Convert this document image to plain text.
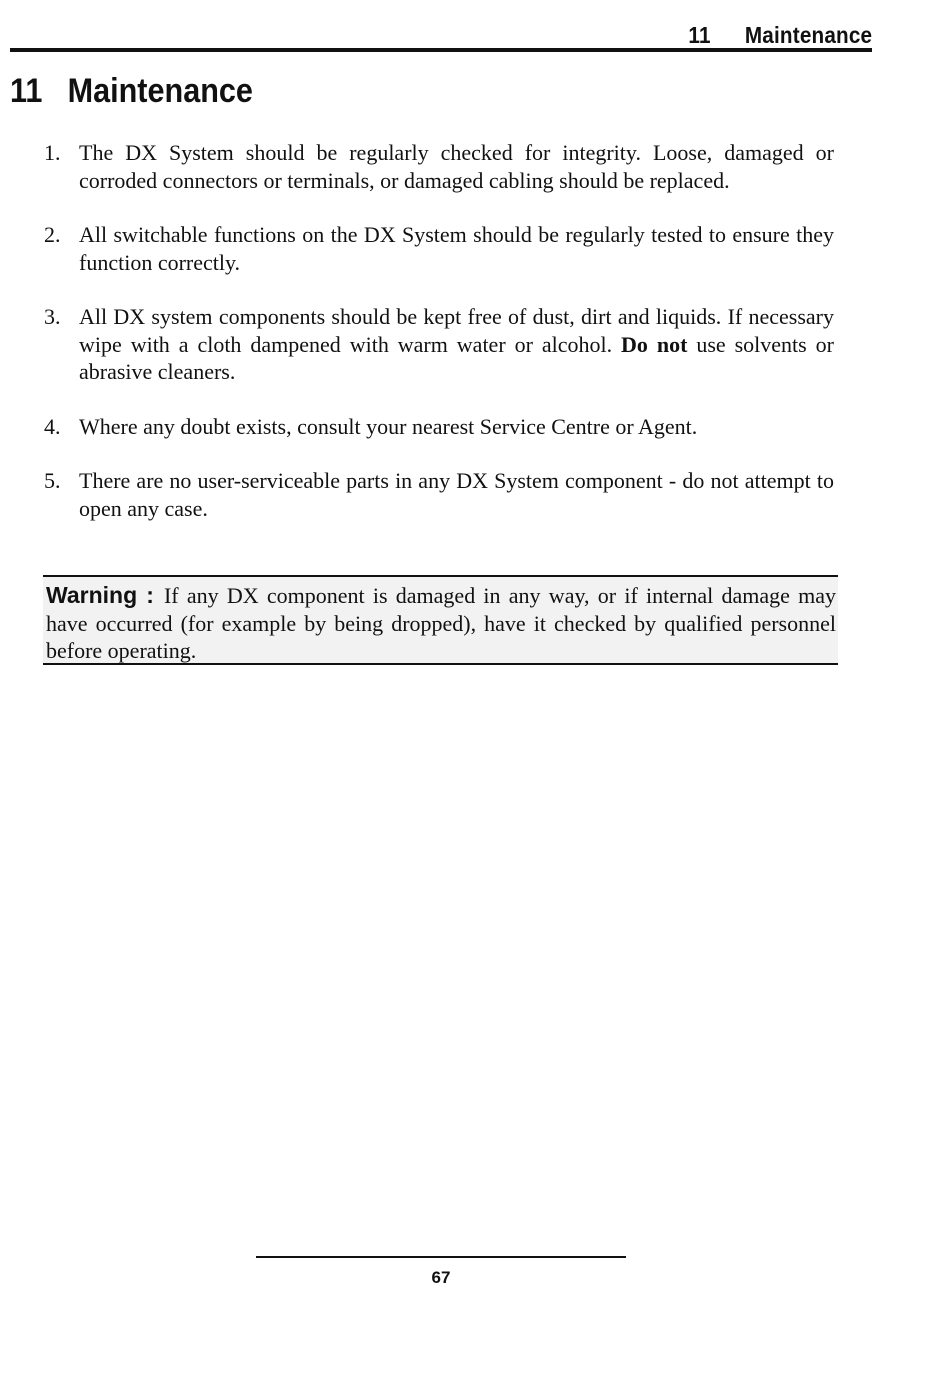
11 Maintenance
11 Maintenance
1. The DX System should be regularly checked for integrity. Loose, damaged or corroded connectors or terminals, or damaged cabling should be replaced.
2. All switchable functions on the DX System should be regularly tested to ensure they function correctly.
3. All DX system components should be kept free of dust, dirt and liquids. If necessary wipe with a cloth dampened with warm water or alcohol. Do not use solvents or abrasive cleaners.
4. Where any doubt exists, consult your nearest Service Centre or Agent.
5. There are no user-serviceable parts in any DX System component - do not attempt to open any case.
Warning : If any DX component is damaged in any way, or if internal damage may have occurred (for example by being dropped), have it checked by qualified personnel before operating.
67
